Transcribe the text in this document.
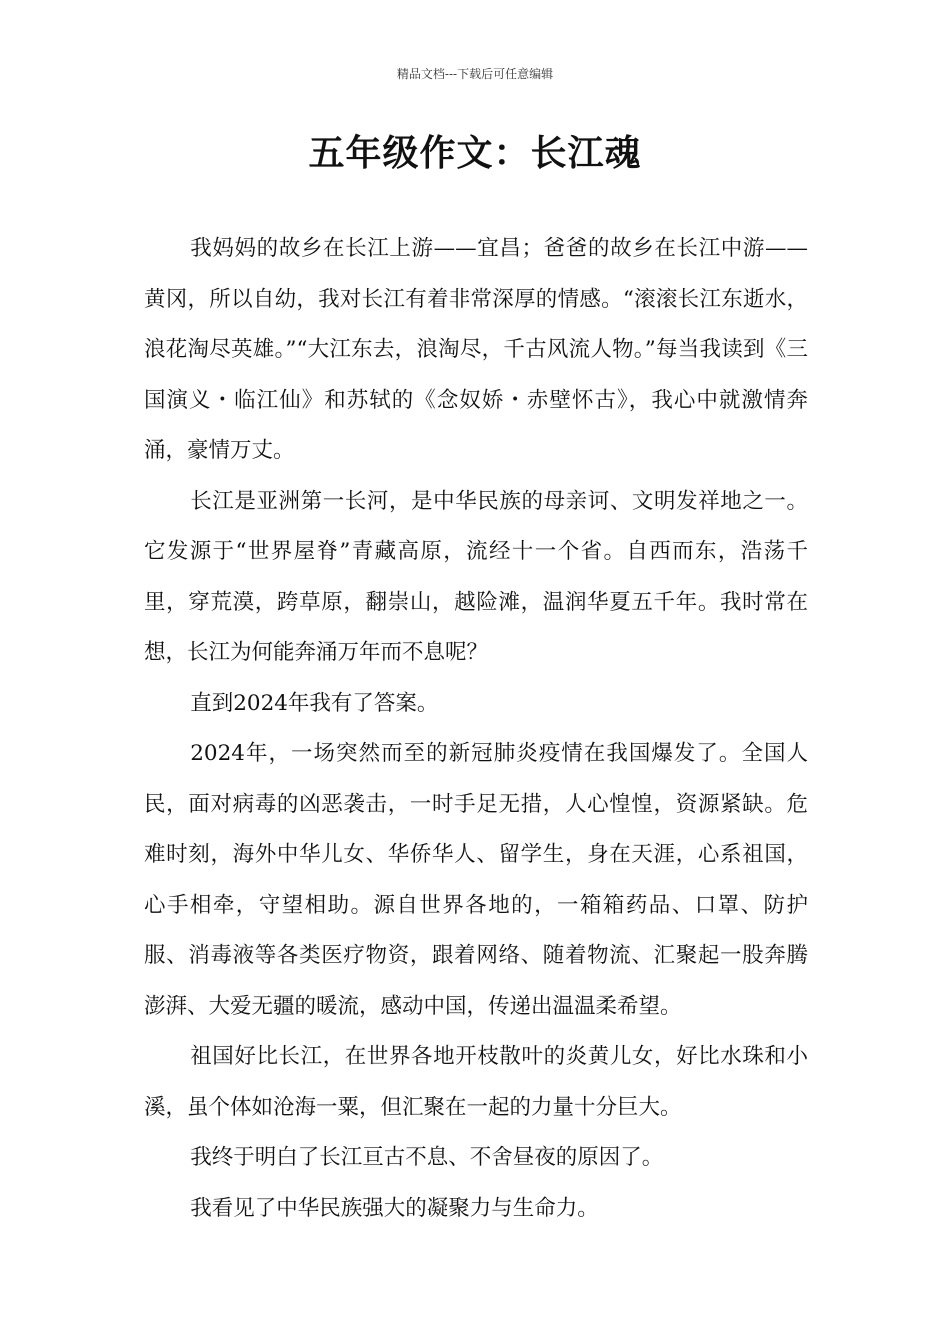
精品文档---下载后可任意编辑
五年级作文：长江魂

我妈妈的故乡在长江上游——宜昌；爸爸的故乡在长江中游——黄冈，所以自幼，我对长江有着非常深厚的情感。“滚滚长江东逝水，浪花淘尽英雄。”“大江东去，浪淘尽，千古风流人物。”每当我读到《三国演义・临江仙》和苏轼的《念奴娇・赤壁怀古》，我心中就激情奔涌，豪情万丈。

长江是亚洲第一长河，是中华民族的母亲诃、文明发祥地之一。它发源于“世界屋脊”青藏高原，流经十一个省。自西而东，浩荡千里，穿荒漠，跨草原，翻崇山，越险滩，温润华夏五千年。我时常在想，长江为何能奔涌万年而不息呢？

直到2024年我有了答案。

2024年，一场突然而至的新冠肺炎疫情在我国爆发了。全国人民，面对病毒的凶恶袭击，一时手足无措，人心惶惶，资源紧缺。危难时刻，海外中华儿女、华侨华人、留学生，身在天涯，心系祖国，心手相牵，守望相助。源自世界各地的，一箱箱药品、口罩、防护服、消毒液等各类医疗物资，跟着网络、随着物流、汇聚起一股奔腾澎湃、大爱无疆的暖流，感动中国，传递出温温柔希望。

祖国好比长江，在世界各地开枝散叶的炎黄儿女，好比水珠和小溪，虽个体如沧海一粟，但汇聚在一起的力量十分巨大。

我终于明白了长江亘古不息、不舍昼夜的原因了。

我看见了中华民族强大的凝聚力与生命力。
